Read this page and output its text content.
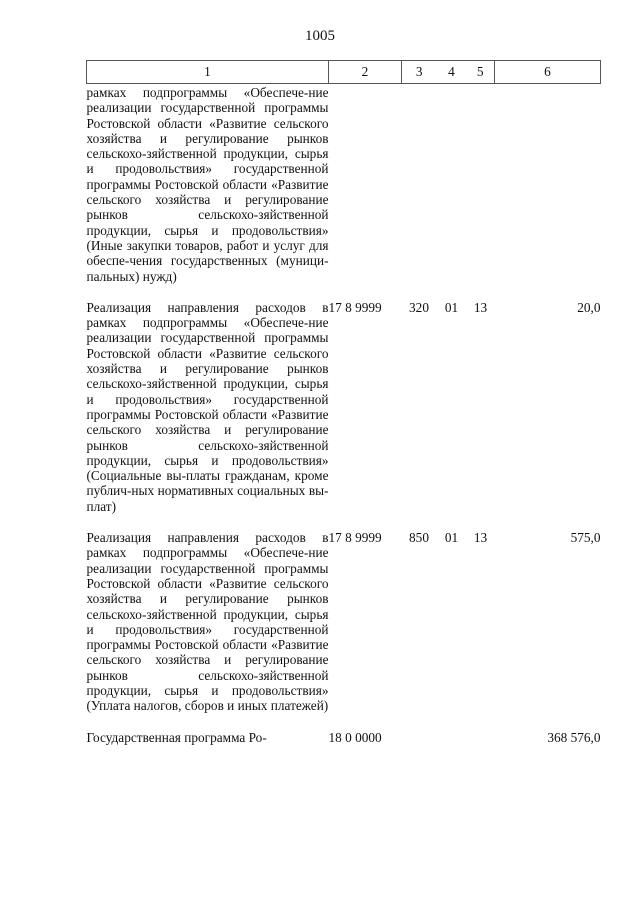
1005
1	2	3	4	5	6
рамках подпрограммы «Обеспече-ние реализации государственной программы Ростовской области «Развитие сельского хозяйства и регулирование рынков сельскохо-зяйственной продукции, сырья и продовольствия» государственной программы Ростовской области «Развитие сельского хозяйства и регулирование рынков сельскохо-зяйственной продукции, сырья и продовольствия» (Иные закупки товаров, работ и услуг для обеспе-чения государственных (муници-пальных) нужд)					
Реализация направления расходов в рамках подпрограммы «Обеспече-ние реализации государственной программы Ростовской области «Развитие сельского хозяйства и регулирование рынков сельскохо-зяйственной продукции, сырья и продовольствия» государственной программы Ростовской области «Развитие сельского хозяйства и регулирование рынков сельскохо-зяйственной продукции, сырья и продовольствия» (Социальные вы-платы гражданам, кроме публич-ных нормативных социальных вы-плат)	17 8 9999	320	01	13	20,0
Реализация направления расходов в рамках подпрограммы «Обеспече-ние реализации государственной программы Ростовской области «Развитие сельского хозяйства и регулирование рынков сельскохо-зяйственной продукции, сырья и продовольствия» государственной программы Ростовской области «Развитие сельского хозяйства и регулирование рынков сельскохо-зяйственной продукции, сырья и продовольствия» (Уплата налогов, сборов и иных платежей)	17 8 9999	850	01	13	575,0
Государственная программа Ро-	18 0 0000				368 576,0
